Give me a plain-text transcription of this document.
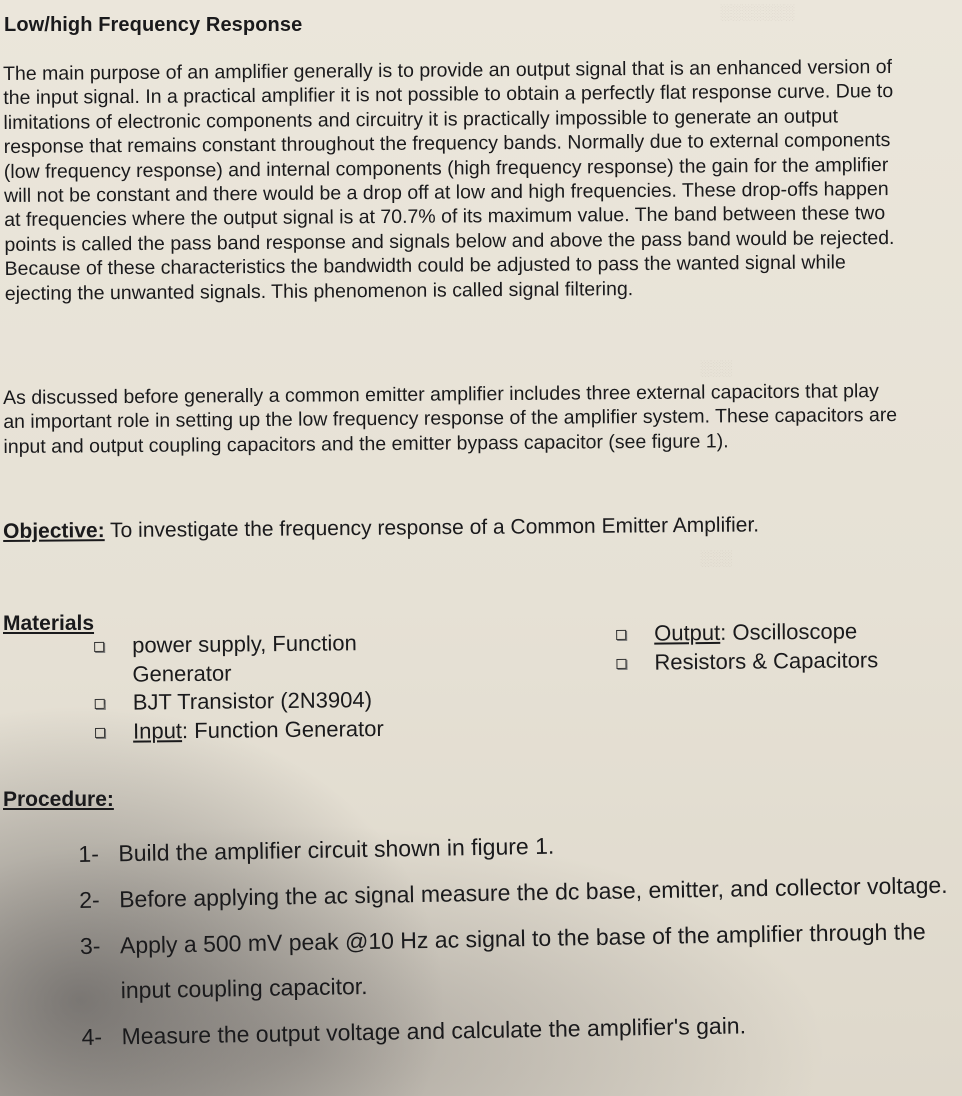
░░░░░░░
░░░
░░░
Low/high Frequency Response

The main purpose of an amplifier generally is to provide an output signal that is an enhanced version of the input signal. In a practical amplifier it is not possible to obtain a perfectly flat response curve. Due to limitations of electronic components and circuitry it is practically impossible to generate an output response that remains constant throughout the frequency bands. Normally due to external components (low frequency response) and internal components (high frequency response) the gain for the amplifier will not be constant and there would be a drop off at low and high frequencies. These drop-offs happen at frequencies where the output signal is at 70.7% of its maximum value. The band between these two points is called the pass band response and signals below and above the pass band would be rejected. Because of these characteristics the bandwidth could be adjusted to pass the wanted signal while ejecting the unwanted signals. This phenomenon is called signal filtering.

As discussed before generally a common emitter amplifier includes three external capacitors that play an important role in setting up the low frequency response of the amplifier system. These capacitors are input and output coupling capacitors and the emitter bypass capacitor (see figure 1).

Objective: To investigate the frequency response of a Common Emitter Amplifier.

Materials
power supply, Function Generator
BJT Transistor (2N3904)
Input: Function Generator
Output: Oscilloscope
Resistors & Capacitors
Procedure:
1- Build the amplifier circuit shown in figure 1.
2- Before applying the ac signal measure the dc base, emitter, and collector voltage.
3- Apply a 500 mV peak @10 Hz ac signal to the base of the amplifier through the input coupling capacitor.
4- Measure the output voltage and calculate the amplifier's gain.
